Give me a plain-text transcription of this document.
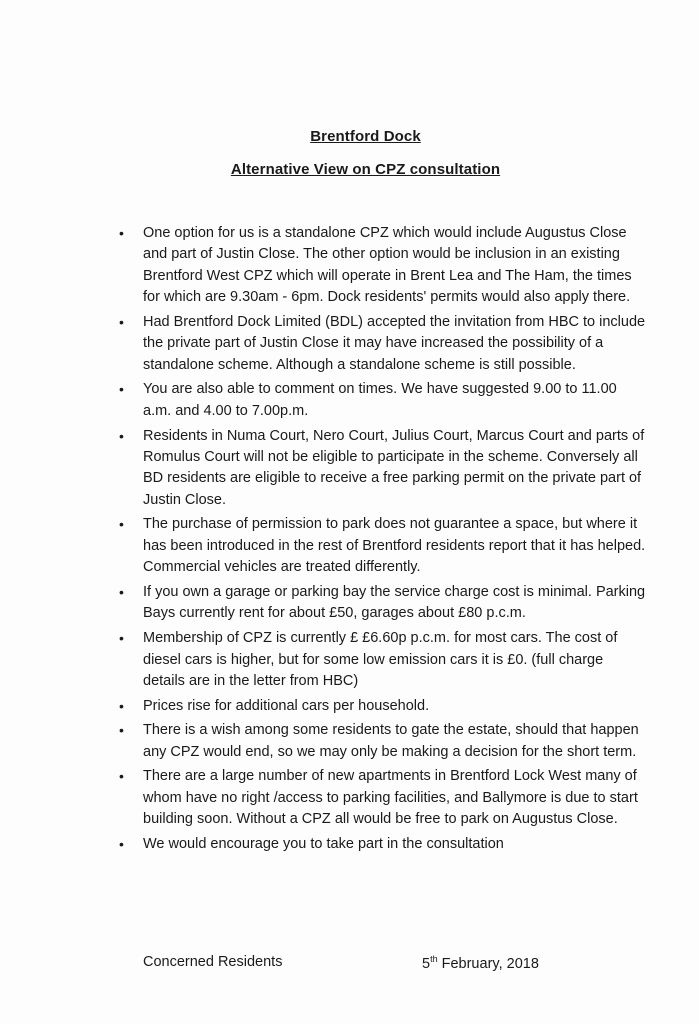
Brentford Dock
Alternative View on CPZ consultation
• One option for us is a standalone CPZ which would include Augustus Close and part of Justin Close. The other option would be inclusion in an existing Brentford West CPZ which will operate in Brent Lea and The Ham, the times for which are 9.30am - 6pm. Dock residents' permits would also apply there.
• Had Brentford Dock Limited (BDL) accepted the invitation from HBC to include the private part of Justin Close it may have increased the possibility of a standalone scheme. Although a standalone scheme is still possible.
• You are also able to comment on times. We have suggested 9.00 to 11.00 a.m. and 4.00 to 7.00p.m.
• Residents in Numa Court, Nero Court, Julius Court, Marcus Court and parts of Romulus Court will not be eligible to participate in the scheme. Conversely all BD residents are eligible to receive a free parking permit on the private part of Justin Close.
• The purchase of permission to park does not guarantee a space, but where it has been introduced in the rest of Brentford residents report that it has helped. Commercial vehicles are treated differently.
• If you own a garage or parking bay the service charge cost is minimal. Parking Bays currently rent for about £50, garages about £80 p.c.m.
• Membership of CPZ is currently £ £6.60p p.c.m. for most cars. The cost of diesel cars is higher, but for some low emission cars it is £0. (full charge details are in the letter from HBC)
• Prices rise for additional cars per household.
• There is a wish among some residents to gate the estate, should that happen any CPZ would end, so we may only be making a decision for the short term.
• There are a large number of new apartments in Brentford Lock West many of whom have no right /access to parking facilities, and Ballymore is due to start building soon. Without a CPZ all would be free to park on Augustus Close.
• We would encourage you to take part in the consultation
Concerned Residents	5th February, 2018
